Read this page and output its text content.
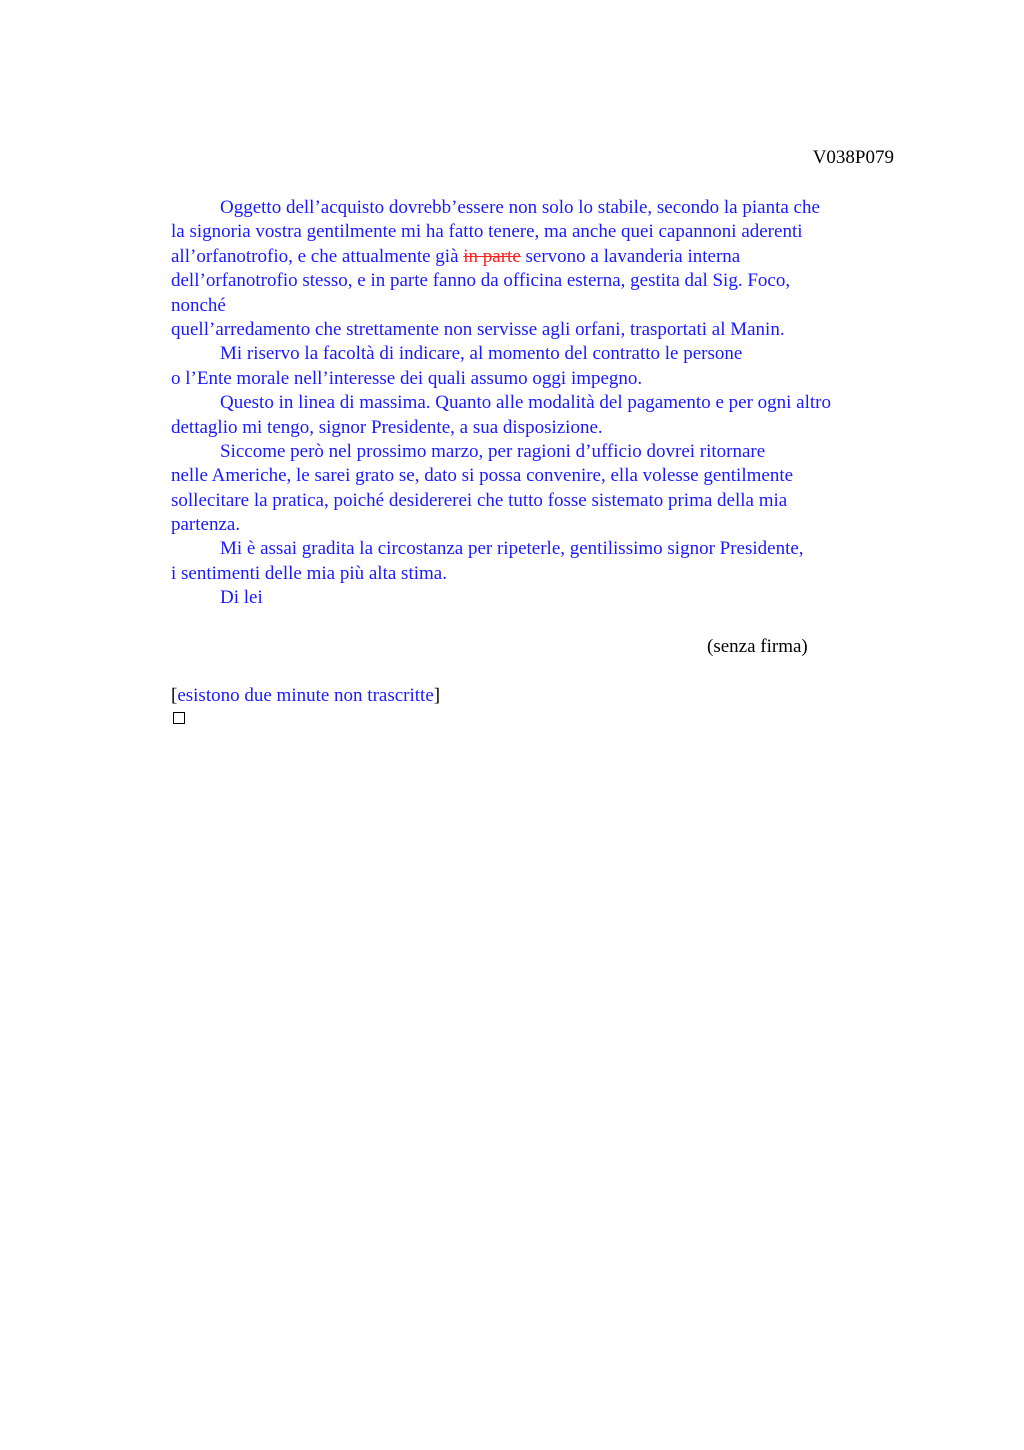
V038P079
Oggetto dell’acquisto dovrebb’essere non solo lo stabile, secondo la pianta che
la signoria vostra gentilmente mi ha fatto tenere, ma anche quei capannoni aderenti
all’orfanotrofio, e che attualmente già in parte servono a lavanderia interna
dell’orfanotrofio stesso, e in parte fanno da officina esterna, gestita dal Sig. Foco,
nonché
quell’arredamento che strettamente non servisse agli orfani, trasportati al Manin.
Mi riservo la facoltà di indicare, al momento del contratto le persone
o l’Ente morale nell’interesse dei quali assumo oggi impegno.
Questo in linea di massima. Quanto alle modalità del pagamento e per ogni altro
dettaglio mi tengo, signor Presidente, a sua disposizione.
Siccome però nel prossimo marzo, per ragioni d’ufficio dovrei ritornare
nelle Americhe, le sarei grato se, dato si possa convenire, ella volesse gentilmente
sollecitare la pratica, poiché desidererei che tutto fosse sistemato prima della mia
partenza.
Mi è assai gradita la circostanza per ripeterle, gentilissimo signor Presidente,
i sentimenti delle mia più alta stima.
Di lei
(senza firma)
[esistono due minute non trascritte]
